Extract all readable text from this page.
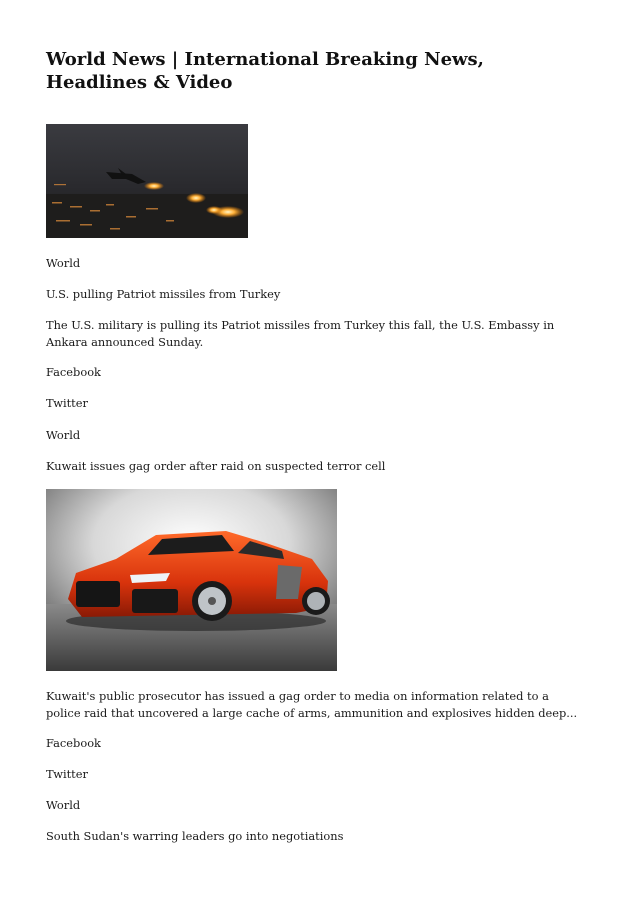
World News | International Breaking News, Headlines & Video

World

U.S. pulling Patriot missiles from Turkey

The U.S. military is pulling its Patriot missiles from Turkey this fall, the U.S. Embassy in Ankara announced Sunday.

Facebook

Twitter

World

Kuwait issues gag order after raid on suspected terror cell

Kuwait's public prosecutor has issued a gag order to media on information related to a police raid that uncovered a large cache of arms, ammunition and explosives hidden deep...

Facebook

Twitter

World

South Sudan's warring leaders go into negotiations
